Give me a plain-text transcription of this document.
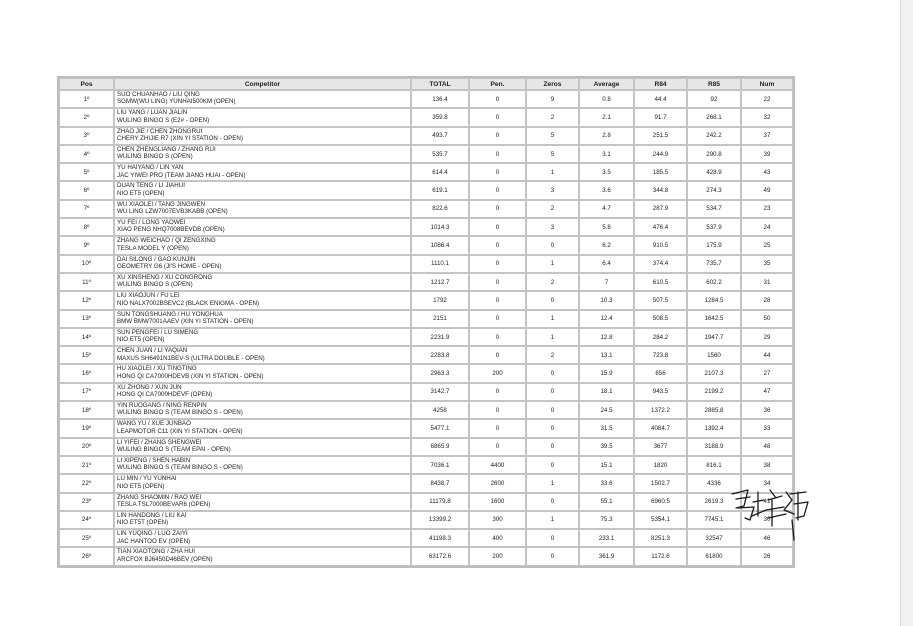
Pos	Competitor	TOTAL	Pen.	Zeros	Average	R84	R85	Num
1º	SUO CHUANHAO / LIU QING
SGMW(WU LING) YUNHAI500KM (OPEN)	136.4	0	9	0.8	44.4	92	22
2º	LIU YANG / LUAN JIALIN
WULING BINGO S (E2# - OPEN)	359.8	0	2	2.1	91.7	268.1	32
3º	ZHAO JIE / CHEN ZHONGRUI
CHERY ZHIJIE R7 (XIN YI STATION - OPEN)	493.7	0	5	2.8	251.5	242.2	37
4º	CHEN ZHENGLIANG / ZHANG RUI
WULING BINGO S (OPEN)	535.7	0	5	3.1	244.9	290.8	39
5º	YU HAIYANG / LIN YAN
JAC YIWEI PRO (TEAM JIANG HUAI - OPEN)	614.4	0	1	3.5	185.5	428.9	43
6º	DUAN TENG / LI JIAHUI
NIO ET5 (OPEN)	619.1	0	3	3.6	344.8	274.3	49
7º	WU XIAOLEI / TANG JINGWEN
WU LING LZW7007EVB3KABB (OPEN)	822.6	0	2	4.7	287.9	534.7	23
8º	YU FEI / LONG YAOWEI
XIAO PENG NHQ7008BEVDB (OPEN)	1014.3	0	3	5.8	476.4	537.9	24
9º	ZHANG WEICHAO / QI ZENGXING
TESLA MODEL Y (OPEN)	1086.4	0	0	6.2	910.5	175.9	25
10º	DAI SILONG / GAO KUNJIN
GEOMETRY G6 (JI'S HOME - OPEN)	1110.1	0	1	6.4	374.4	735.7	35
11º	XU XINSHENG / XU CONGRONG
WULING BINGO S (OPEN)	1212.7	0	2	7	610.5	602.2	31
12º	LIU XIAOJUN / FU LEI
NIO NALX7002BSEVC2 (BLACK ENIGMA - OPEN)	1792	0	0	10.3	507.5	1284.5	28
13º	SUN TONGSHUANG / HU YONGHUA
BMW BMW7001AAEV (XIN YI STATION - OPEN)	2151	0	1	12.4	508.5	1642.5	50
14º	SUN PENGFEI / LU SIMENG
NIO ET5 (OPEN)	2231.9	0	1	12.8	284.2	1947.7	29
15º	CHEN JUAN / LI YAQIAN
MAXUS SH6491N1BEV-S (ULTRA DOUBLE - OPEN)	2283.8	0	2	13.1	723.8	1560	44
16º	HU XIAOLEI / XU TINGTING
HONG QI CA7000HDEVB (XIN YI STATION - OPEN)	2963.3	200	0	15.9	656	2107.3	27
17º	XU ZHONG / XUN JUN
HONG QI CA7000HDEVF (OPEN)	3142.7	0	0	18.1	943.5	2199.2	47
18º	YIN RUOGANG / NING RENPIN
WULING BINGO S (TEAM BINGO S - OPEN)	4258	0	0	24.5	1372.2	2885.8	36
19º	WANG YU / XUE JUNBAO
LEAPMOTOR C11 (XIN YI STATION - OPEN)	5477.1	0	0	31.5	4084.7	1392.4	33
20º	LI YIFEI / ZHANG SHENGWEI
WULING BINGO S (TEAM EPAI - OPEN)	6865.9	0	0	39.5	3677	3188.9	48
21º	LI XIPENG / SHEN HABIN
WULING BINGO S (TEAM BINGO S - OPEN)	7036.1	4400	0	15.1	1820	816.1	38
22º	LU MIN / YU YUNHAI
NIO ET5 (OPEN)	8438.7	2600	1	33.6	1502.7	4336	34
23º	ZHANG SHAOMIN / RAO WEI
TESLA TSL7000BEVAR6 (OPEN)	11179.8	1600	0	55.1	6960.5	2619.3	41
24º	LIN HANDONG / LIU KAI
NIO ET5T (OPEN)	13399.2	300	1	75.3	5354.1	7745.1	30
25º	LIN YUQING / LUO ZAIYI
JAC HANTOO EV (OPEN)	41198.3	400	0	233.1	8251.3	32547	46
26º	TIAN XIAOTONG / ZHA HUI
ARCFOX BJ6450D46BEV (OPEN)	63172.6	200	0	361.9	1172.6	61800	26
